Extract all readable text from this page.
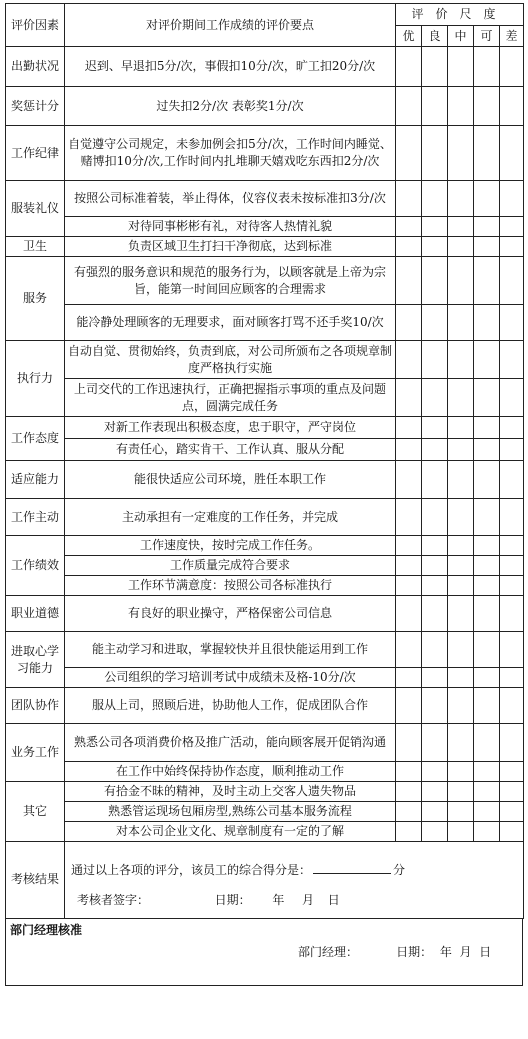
评价因素	对评价期间工作成绩的评价要点	评价尺度				
		优	良	中	可	差
出勤状况	迟到、早退扣5分/次，事假扣10分/次，旷工扣20分/次					
奖惩计分	过失扣2分/次 表彰奖1分/次					
工作纪律	自觉遵守公司规定，未参加例会扣5分/次，工作时间内睡觉、赌博扣10分/次,工作时间内扎堆聊天嬉戏吃东西扣2分/次					
服装礼仪	按照公司标准着装，举止得体，仪容仪表未按标准扣3分/次					
	对待同事彬彬有礼，对待客人热情礼貌					
卫生	负责区域卫生打扫干净彻底，达到标准					
服务	有强烈的服务意识和规范的服务行为，以顾客就是上帝为宗旨，能第一时间回应顾客的合理需求					
	能冷静处理顾客的无理要求，面对顾客打骂不还手奖10/次					
执行力	自动自觉、贯彻始终，负责到底，对公司所颁布之各项规章制度严格执行实施					
	上司交代的工作迅速执行，正确把握指示事项的重点及问题点，圆满完成任务					
工作态度	对新工作表现出积极态度，忠于职守，严守岗位					
	有责任心，踏实肯干、工作认真、服从分配					
适应能力	能很快适应公司环境，胜任本职工作					
工作主动	主动承担有一定难度的工作任务，并完成					
工作绩效	工作速度快，按时完成工作任务。					
	工作质量完成符合要求					
	工作环节满意度：按照公司各标准执行					
职业道德	有良好的职业操守，严格保密公司信息					
进取心学习能力	能主动学习和进取，掌握较快并且很快能运用到工作					
	公司组织的学习培训考试中成绩未及格-10分/次					
团队协作	服从上司，照顾后进，协助他人工作，促成团队合作					
业务工作	熟悉公司各项消费价格及推广活动，能向顾客展开促销沟通					
	在工作中始终保持协作态度，顺利推动工作					
其它	有拾金不昧的精神，及时主动上交客人遗失物品					
	熟悉管运现场包厢房型,熟练公司基本服务流程					
	对本公司企业文化、规章制度有一定的了解					
考核结果	
通过以上各项的评分，该员工的综合得分是：	分
考核者签字：	日期： 年 月 日
部门经理核准
部门经理：	日期： 年 月 日
